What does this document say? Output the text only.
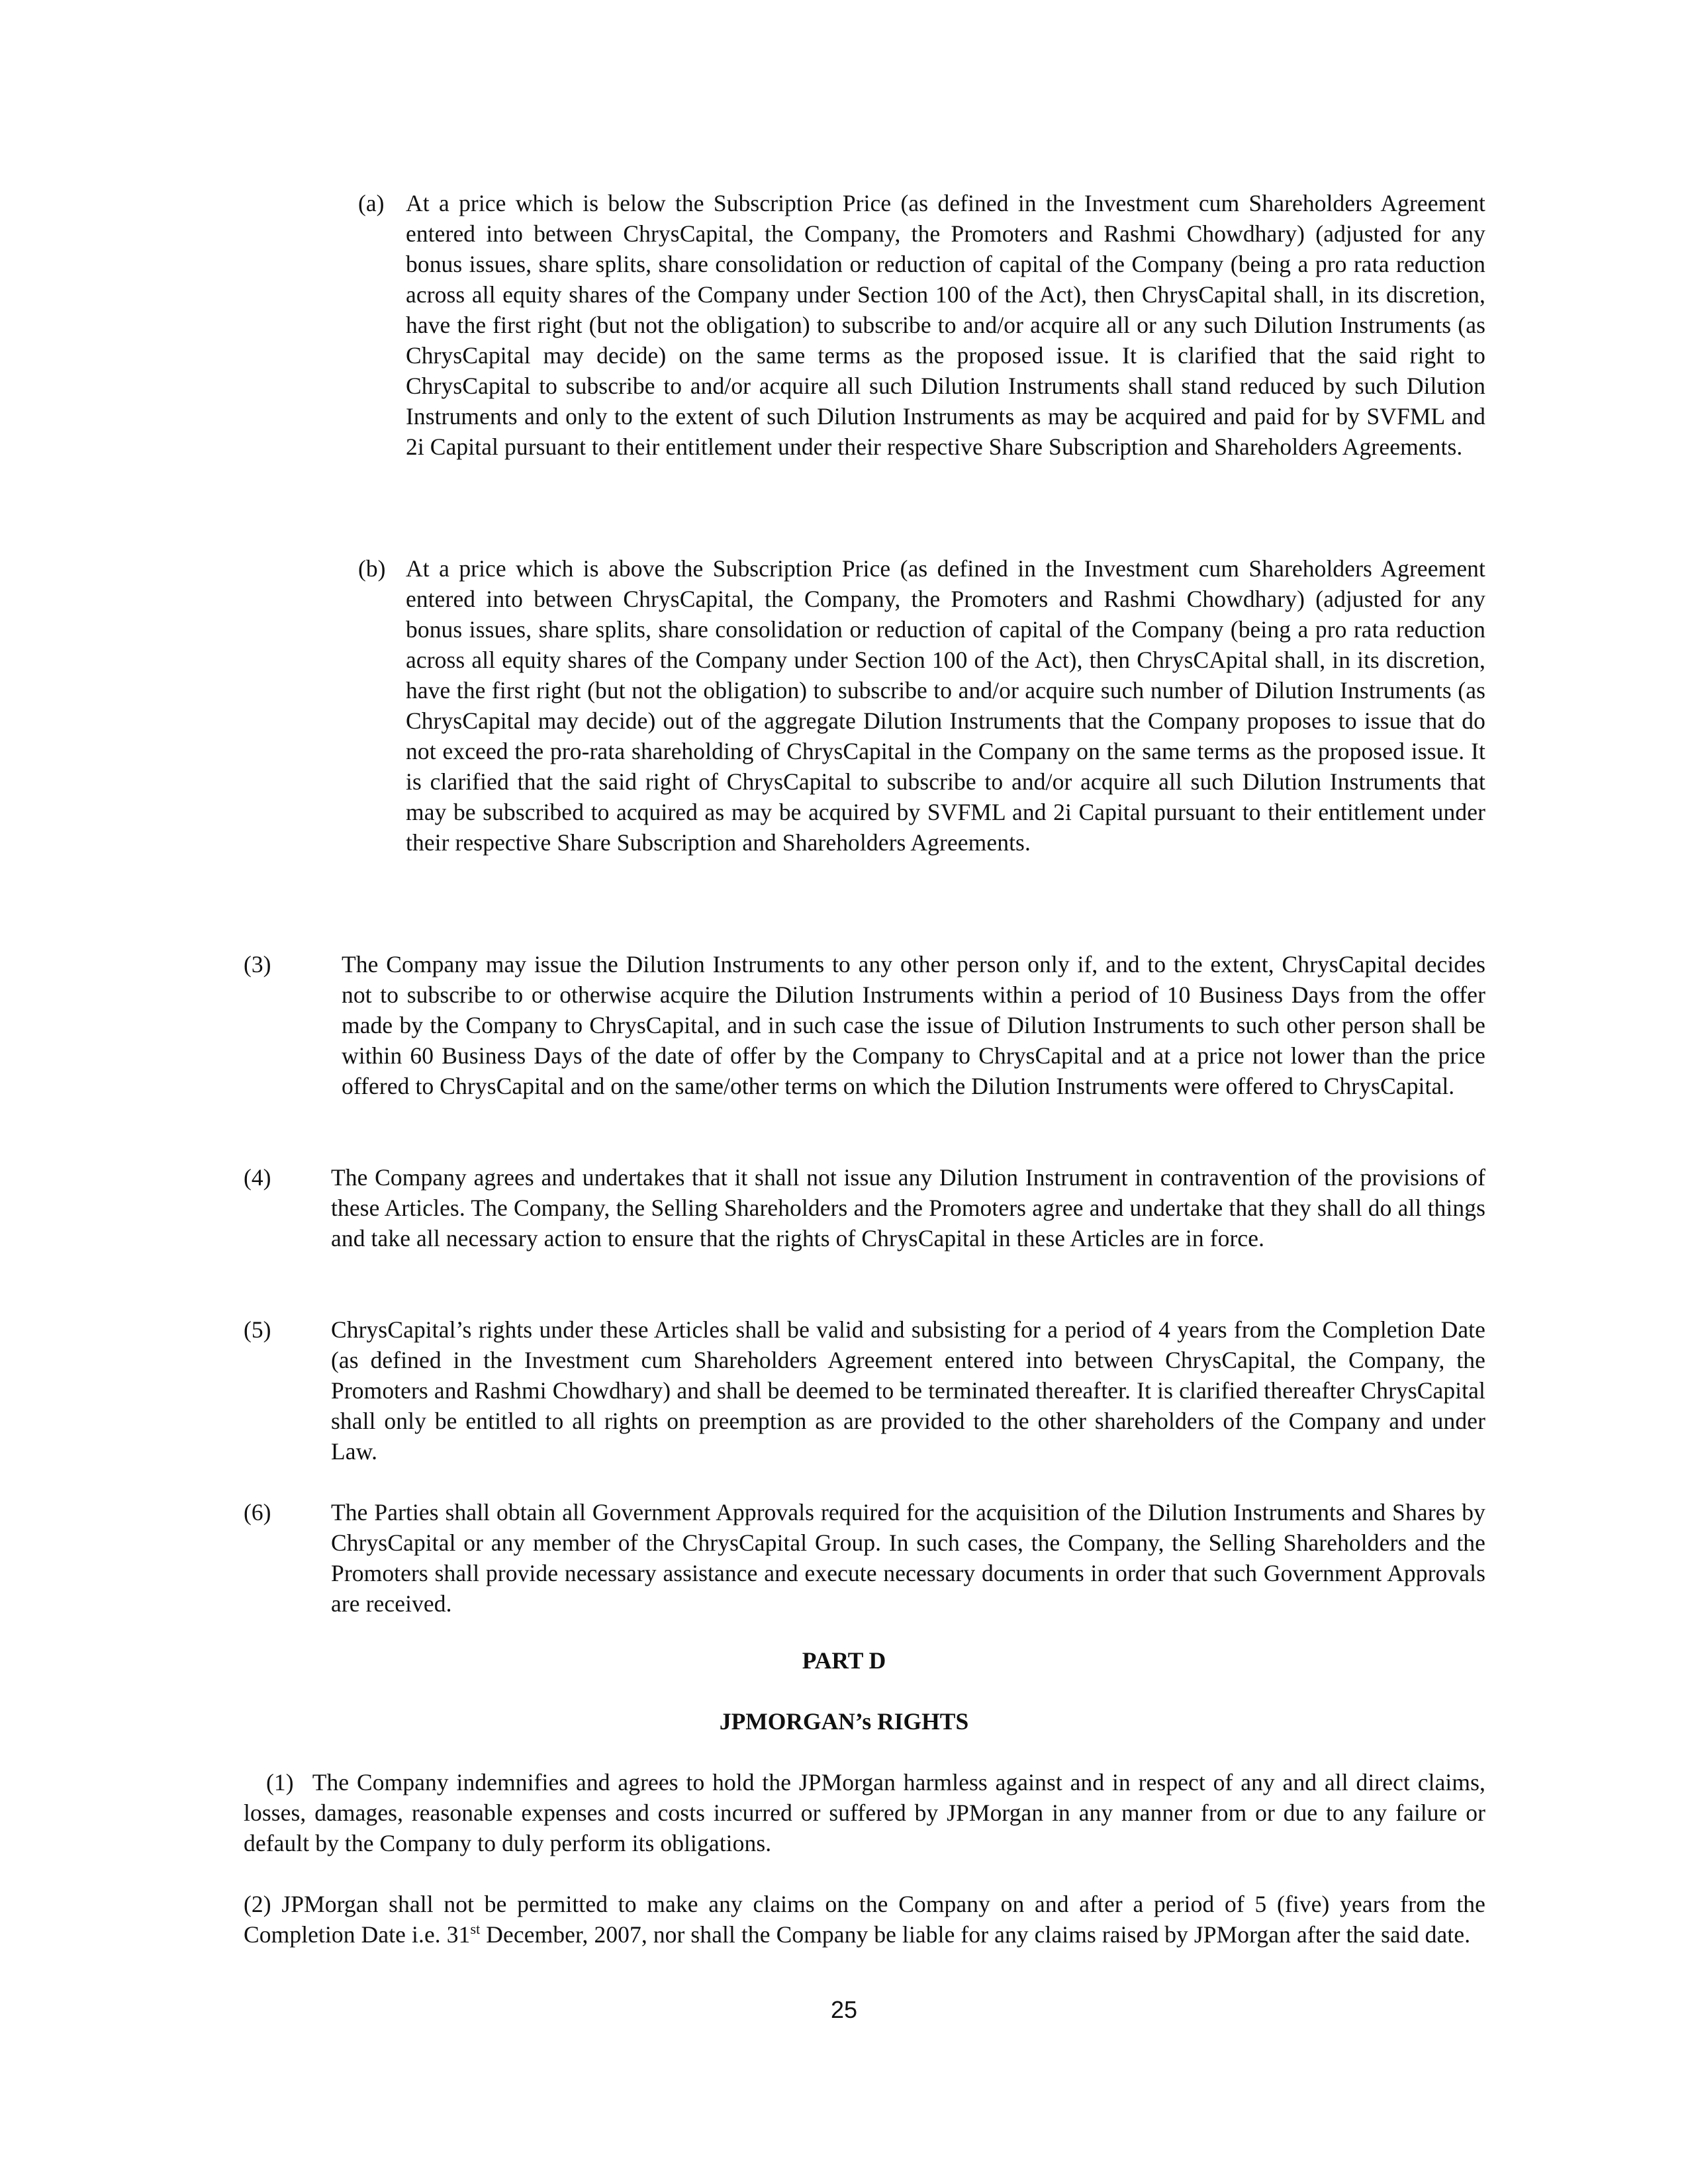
(a) At a price which is below the Subscription Price (as defined in the Investment cum Shareholders Agreement entered into between ChrysCapital, the Company, the Promoters and Rashmi Chowdhary) (adjusted for any bonus issues, share splits, share consolidation or reduction of capital of the Company (being a pro rata reduction across all equity shares of the Company under Section 100 of the Act), then ChrysCapital shall, in its discretion, have the first right (but not the obligation) to subscribe to and/or acquire all or any such Dilution Instruments (as ChrysCapital may decide) on the same terms as the proposed issue. It is clarified that the said right to ChrysCapital to subscribe to and/or acquire all such Dilution Instruments shall stand reduced by such Dilution Instruments and only to the extent of such Dilution Instruments as may be acquired and paid for by SVFML and 2i Capital pursuant to their entitlement under their respective Share Subscription and Shareholders Agreements.
(b) At a price which is above the Subscription Price (as defined in the Investment cum Shareholders Agreement entered into between ChrysCapital, the Company, the Promoters and Rashmi Chowdhary) (adjusted for any bonus issues, share splits, share consolidation or reduction of capital of the Company (being a pro rata reduction across all equity shares of the Company under Section 100 of the Act), then ChrysCApital shall, in its discretion, have the first right (but not the obligation) to subscribe to and/or acquire such number of Dilution Instruments (as ChrysCapital may decide) out of the aggregate Dilution Instruments that the Company proposes to issue that do not exceed the pro-rata shareholding of ChrysCapital in the Company on the same terms as the proposed issue. It is clarified that the said right of ChrysCapital to subscribe to and/or acquire all such Dilution Instruments that may be subscribed to acquired as may be acquired by SVFML and 2i Capital pursuant to their entitlement under their respective Share Subscription and Shareholders Agreements.
(3)	The Company may issue the Dilution Instruments to any other person only if, and to the extent, ChrysCapital decides not to subscribe to or otherwise acquire the Dilution Instruments within a period of 10 Business Days from the offer made by the Company to ChrysCapital, and in such case the issue of Dilution Instruments to such other person shall be within 60 Business Days of the date of offer by the Company to ChrysCapital and at a price not lower than the price offered to ChrysCapital and on the same/other terms on which the Dilution Instruments were offered to ChrysCapital.
(4)	The Company agrees and undertakes that it shall not issue any Dilution Instrument in contravention of the provisions of these Articles. The Company, the Selling Shareholders and the Promoters agree and undertake that they shall do all things and take all necessary action to ensure that the rights of ChrysCapital in these Articles are in force.
(5)	ChrysCapital’s rights under these Articles shall be valid and subsisting for a period of 4 years from the Completion Date (as defined in the Investment cum Shareholders Agreement entered into between ChrysCapital, the Company, the Promoters and Rashmi Chowdhary) and shall be deemed to be terminated thereafter. It is clarified thereafter ChrysCapital shall only be entitled to all rights on preemption as are provided to the other shareholders of the Company and under Law.
(6)	The Parties shall obtain all Government Approvals required for the acquisition of the Dilution Instruments and Shares by ChrysCapital or any member of the ChrysCapital Group. In such cases, the Company, the Selling Shareholders and the Promoters shall provide necessary assistance and execute necessary documents in order that such Government Approvals are received.
PART D
JPMORGAN’s RIGHTS
(1) The Company indemnifies and agrees to hold the JPMorgan harmless against and in respect of any and all direct claims, losses, damages, reasonable expenses and costs incurred or suffered by JPMorgan in any manner from or due to any failure or default by the Company to duly perform its obligations.
(2) JPMorgan shall not be permitted to make any claims on the Company on and after a period of 5 (five) years from the Completion Date i.e. 31st December, 2007, nor shall the Company be liable for any claims raised by JPMorgan after the said date.
25
